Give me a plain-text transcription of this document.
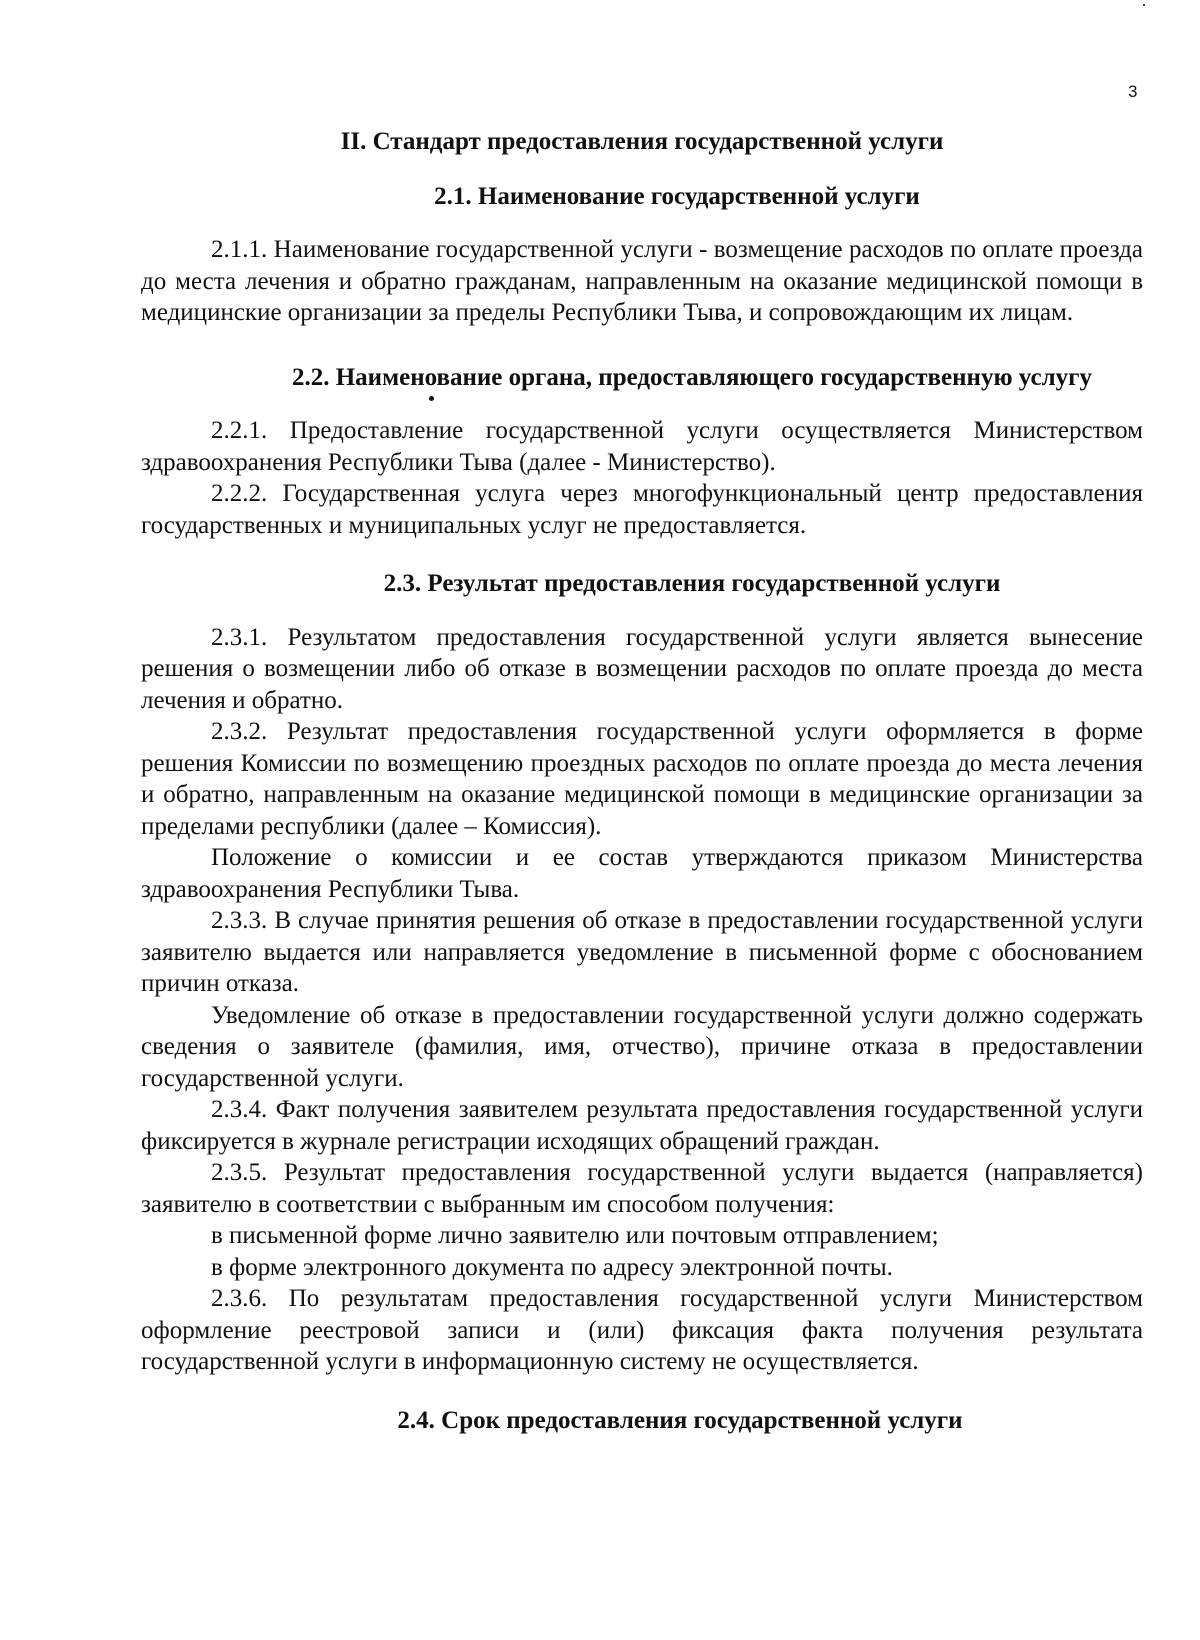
3
II. Стандарт предоставления государственной услуги
2.1. Наименование государственной услуги

2.1.1. Наименование государственной услуги - возмещение расходов по оплате проезда до места лечения и обратно гражданам, направленным на оказание медицинской помощи в медицинские организации за пределы Республики Тыва, и сопровождающим их лицам.

2.2. Наименование органа, предоставляющего государственную услугу

2.2.1. Предоставление государственной услуги осуществляется Министерством здравоохранения Республики Тыва (далее - Министерство).

2.2.2. Государственная услуга через многофункциональный центр предоставления государственных и муниципальных услуг не предоставляется.

2.3. Результат предоставления государственной услуги

2.3.1. Результатом предоставления государственной услуги является вынесение решения о возмещении либо об отказе в возмещении расходов по оплате проезда до места лечения и обратно.

2.3.2. Результат предоставления государственной услуги оформляется в форме решения Комиссии по возмещению проездных расходов по оплате проезда до места лечения и обратно, направленным на оказание медицинской помощи в медицинские организации за пределами республики (далее – Комиссия).

Положение о комиссии и ее состав утверждаются приказом Министерства здравоохранения Республики Тыва.

2.3.3. В случае принятия решения об отказе в предоставлении государственной услуги заявителю выдается или направляется уведомление в письменной форме с обоснованием причин отказа.

Уведомление об отказе в предоставлении государственной услуги должно содержать сведения о заявителе (фамилия, имя, отчество), причине отказа в предоставлении государственной услуги.

2.3.4. Факт получения заявителем результата предоставления государственной услуги фиксируется в журнале регистрации исходящих обращений граждан.

2.3.5. Результат предоставления государственной услуги выдается (направляется) заявителю в соответствии с выбранным им способом получения:

в письменной форме лично заявителю или почтовым отправлением;

в форме электронного документа по адресу электронной почты.

2.3.6. По результатам предоставления государственной услуги Министерством оформление реестровой записи и (или) фиксация факта получения результата государственной услуги в информационную систему не осуществляется.

2.4. Срок предоставления государственной услуги
